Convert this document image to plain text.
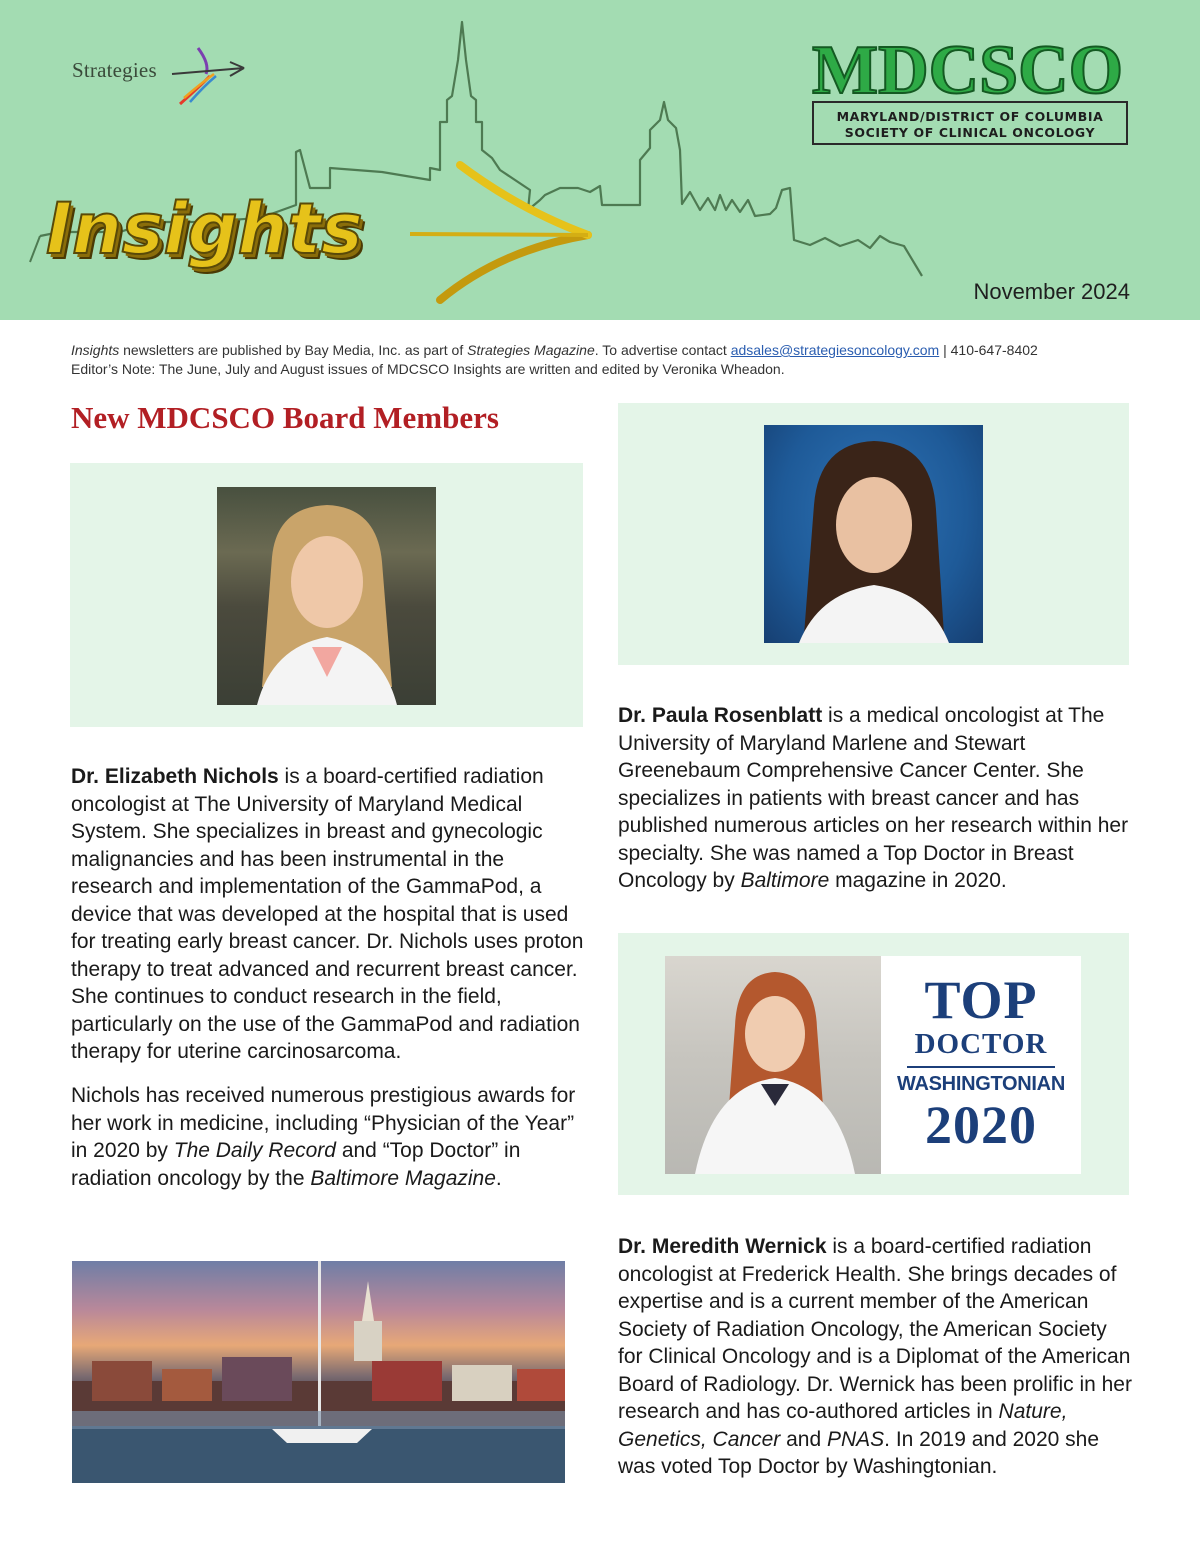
Strategies
Insights
MDCSCO
MARYLAND/DISTRICT OF COLUMBIA
SOCIETY OF CLINICAL ONCOLOGY
November 2024
Insights newsletters are published by Bay Media, Inc. as part of Strategies Magazine. To advertise contact adsales@strategiesoncology.com | 410-647-8402
Editor’s Note: The June, July and August issues of MDCSCO Insights are written and edited by Veronika Wheadon.
New MDCSCO Board Members
Dr. Elizabeth Nichols is a board-certified radiation oncologist at The University of Maryland Medical System. She specializes in breast and gynecologic malignancies and has been instrumental in the research and implementation of the GammaPod, a device that was developed at the hospital that is used for treating early breast cancer. Dr. Nichols uses proton therapy to treat advanced and recurrent breast cancer. She continues to conduct research in the field, particularly on the use of the GammaPod and radiation therapy for uterine carcinosarcoma.
Nichols has received numerous prestigious awards for her work in medicine, including “Physician of the Year” in 2020 by The Daily Record and “Top Doctor” in radiation oncology by the Baltimore Magazine.
Dr. Paula Rosenblatt is a medical oncologist at The University of Maryland Marlene and Stewart Greenebaum Comprehensive Cancer Center. She specializes in patients with breast cancer and has published numerous articles on her research within her specialty. She was named a Top Doctor in Breast Oncology by Baltimore magazine in 2020.
TOP
DOCTOR
WASHINGTONIAN
2020
Dr. Meredith Wernick is a board-certified radiation oncologist at Frederick Health. She brings decades of expertise and is a current member of the American Society of Radiation Oncology, the American Society for Clinical Oncology and is a Diplomat of the American Board of Radiology. Dr. Wernick has been prolific in her research and has co-authored articles in Nature, Genetics, Cancer and PNAS. In 2019 and 2020 she was voted Top Doctor by Washingtonian.
